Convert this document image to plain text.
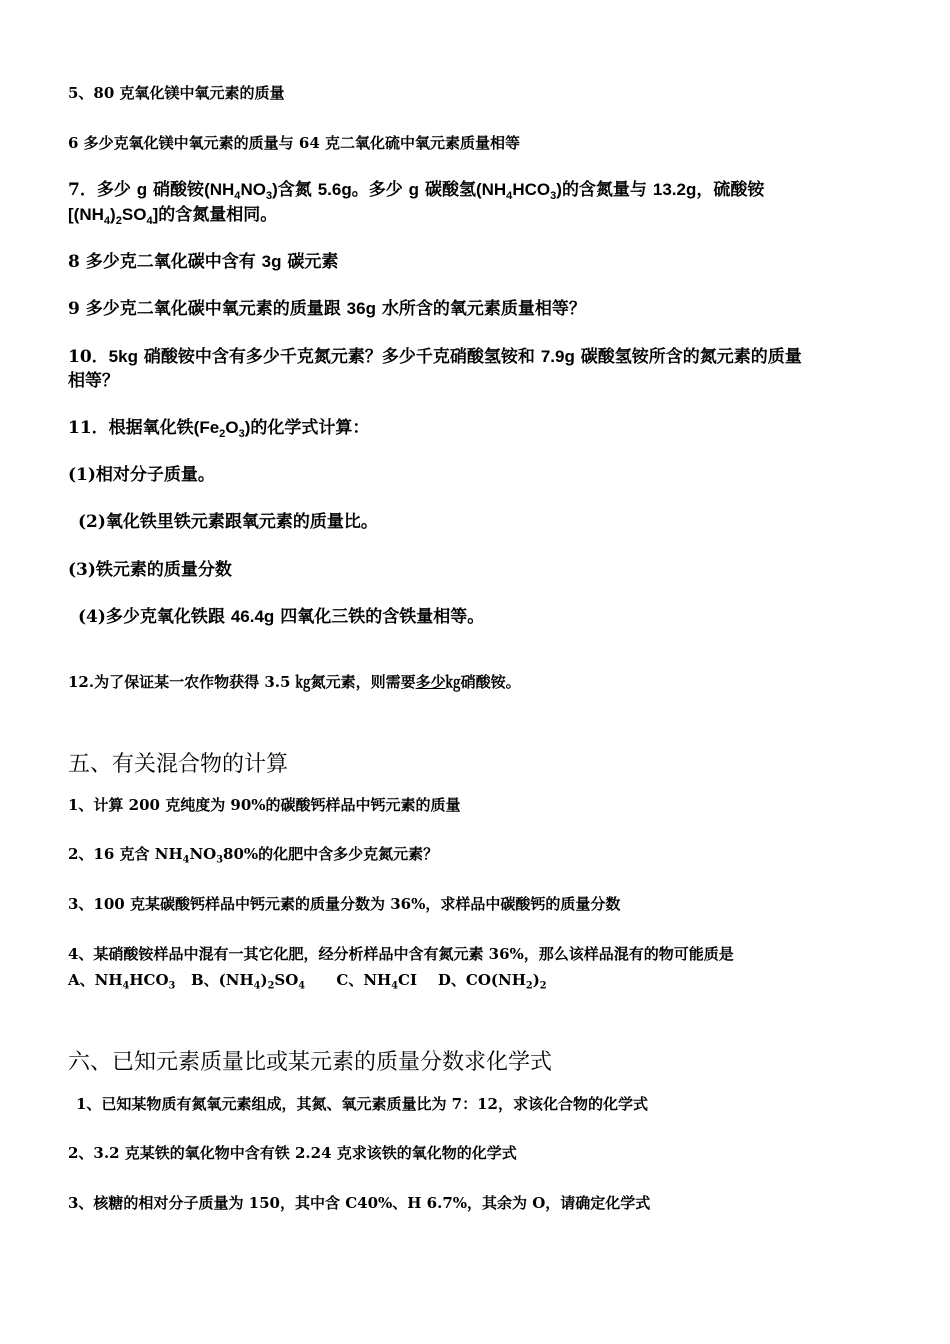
5、80 克氧化镁中氧元素的质量
6 多少克氧化镁中氧元素的质量与 64 克二氧化硫中氧元素质量相等
7．多少 g 硝酸铵$(NH_4NO_3)$含氮 5.6g。多少 g 碳酸氢$(NH_4HCO_3)$的含氮量与 13.2g，硫酸铵
$[(NH_4)_2SO_4]$的含氮量相同。
8 多少克二氧化碳中含有 3g 碳元素
9 多少克二氧化碳中氧元素的质量跟 36g 水所含的氧元素质量相等？
10．5kg 硝酸铵中含有多少千克氮元素？多少千克硝酸氢铵和 7.9g 碳酸氢铵所含的氮元素的质量
相等？
11．根据氧化铁$(Fe_2O_3)$的化学式计算：
(1)相对分子质量。
(2)氧化铁里铁元素跟氧元素的质量比。
(3)铁元素的质量分数
(4)多少克氧化铁跟 46.4g 四氧化三铁的含铁量相等。
12.为了保证某一农作物获得 3.5 ㎏氮元素，则需要多少㎏硝酸铵。
五、有关混合物的计算
1、计算 200 克纯度为 90%的碳酸钙样品中钙元素的质量
2、16 克含 $NH_4NO_380\%$的化肥中含多少克氮元素？
3、100 克某碳酸钙样品中钙元素的质量分数为 36%，求样品中碳酸钙的质量分数
4、某硝酸铵样品中混有一其它化肥，经分析样品中含有氮元素 36%，那么该样品混有的物可能质是
A、$NH_4HCO_3$ B、$(NH_4)_2SO_4$ C、$NH_4CI$ D、$CO(NH_2)_2$
六、已知元素质量比或某元素的质量分数求化学式
1、已知某物质有氮氧元素组成，其氮、氧元素质量比为 7：12，求该化合物的化学式
2、3.2 克某铁的氧化物中含有铁 2.24 克求该铁的氧化物的化学式
3、核糖的相对分子质量为 150，其中含 C40%、H 6.7%，其余为 O，请确定化学式
